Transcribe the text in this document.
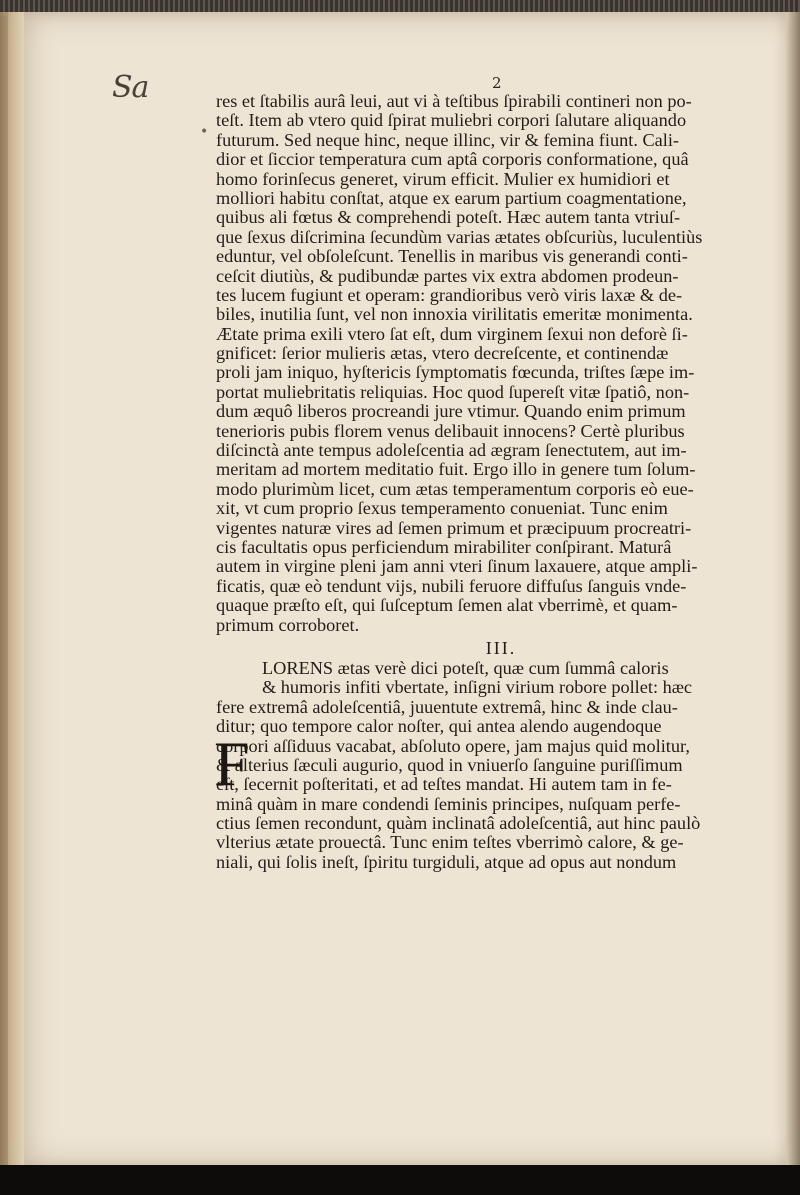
Sa	2
•
res et ſtabilis aurâ leui, aut vi à teſtibus ſpirabili contineri non po-
teſt. Item ab vtero quid ſpirat muliebri corpori ſalutare aliquando
futurum. Sed neque hinc, neque illinc, vir & femina fiunt. Cali-
dior et ſiccior temperatura cum aptâ corporis conformatione, quâ
homo forinſecus generet, virum efficit. Mulier ex humidiori et
molliori habitu conſtat, atque ex earum partium coagmentatione,
quibus ali fœtus & comprehendi poteſt. Hæc autem tanta vtriuſ-
que ſexus diſcrimina ſecundùm varias ætates obſcuriùs, luculentiùs
eduntur, vel obſoleſcunt. Tenellis in maribus vis generandi conti-
ceſcit diutiùs, & pudibundæ partes vix extra abdomen prodeun-
tes lucem fugiunt et operam: grandioribus verò viris laxæ & de-
biles, inutilia ſunt, vel non innoxia virilitatis emeritæ monimenta.
Ætate prima exili vtero ſat eſt, dum virginem ſexui non deforè ſi-
gnificet: ſerior mulieris ætas, vtero decreſcente, et continendæ
proli jam iniquo, hyſtericis ſymptomatis fœcunda, triſtes ſæpe im-
portat muliebritatis reliquias. Hoc quod ſupereſt vitæ ſpatiô, non-
dum æquô liberos procreandi jure vtimur. Quando enim primum
tenerioris pubis florem venus delibauit innocens? Certè pluribus
diſcinctà ante tempus adoleſcentia ad ægram ſenectutem, aut im-
meritam ad mortem meditatio fuit. Ergo illo in genere tum ſolum-
modo plurimùm licet, cum ætas temperamentum corporis eò eue-
xit, vt cum proprio ſexus temperamento conueniat. Tunc enim
vigentes naturæ vires ad ſemen primum et præcipuum procreatri-
cis facultatis opus perficiendum mirabiliter conſpirant. Maturâ
autem in virgine pleni jam anni vteri ſinum laxauere, atque ampli-
ficatis, quæ eò tendunt vijs, nubili feruore diffuſus ſanguis vnde-
quaque præſto eſt, qui ſuſceptum ſemen alat vberrimè, et quam-
primum corroboret.
III.
LORENS ætas verè dici poteſt, quæ cum ſummâ caloris
& humoris infiti vbertate, inſigni virium robore pollet: hæc
fere extremâ adoleſcentiâ, juuentute extremâ, hinc & inde clau-
ditur; quo tempore calor noſter, qui antea alendo augendoque
corpori aſſiduus vacabat, abſoluto opere, jam majus quid molitur,
& alterius ſæculi augurio, quod in vniuerſo ſanguine puriſſimum
eſt, ſecernit poſteritati, et ad teſtes mandat. Hi autem tam in fe-
minâ quàm in mare condendi ſeminis principes, nuſquam perfe-
ctius ſemen recondunt, quàm inclinatâ adoleſcentiâ, aut hinc paulò
vlterius ætate prouectâ. Tunc enim teſtes vberrimò calore, & ge-
niali, qui ſolis ineſt, ſpiritu turgiduli, atque ad opus aut nondum
F
